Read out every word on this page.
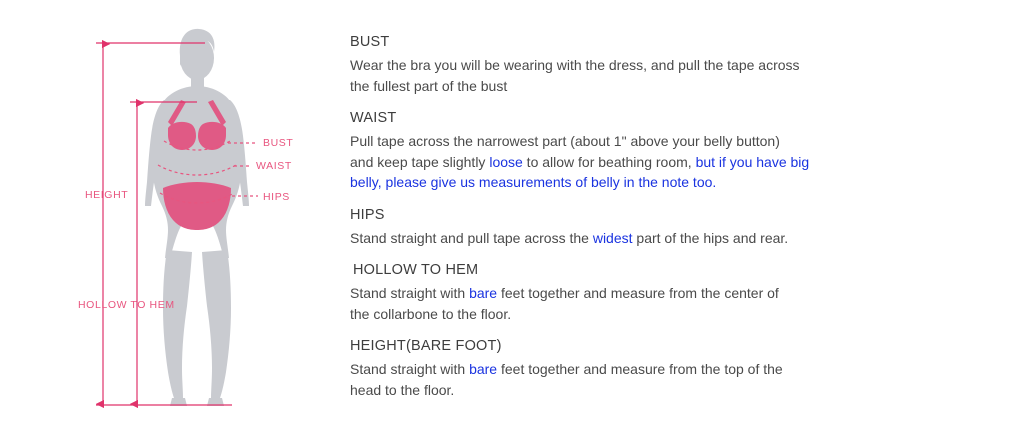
BUST
WAIST
HIPS
HEIGHT
HOLLOW TO HEM
BUST
Wear the bra you will be wearing with the dress, and pull the tape across
the fullest part of the bust
WAIST
Pull tape across the narrowest part (about 1" above your belly button)
and keep tape slightly loose to allow for beathing room, but if you have big
belly, please give us measurements of belly in the note too.
HIPS
Stand straight and pull tape across the widest part of the hips and rear.
HOLLOW TO HEM
Stand straight with bare feet together and measure from the center of
the collarbone to the floor.
HEIGHT(BARE FOOT)
Stand straight with bare feet together and measure from the top of the
head to the floor.
